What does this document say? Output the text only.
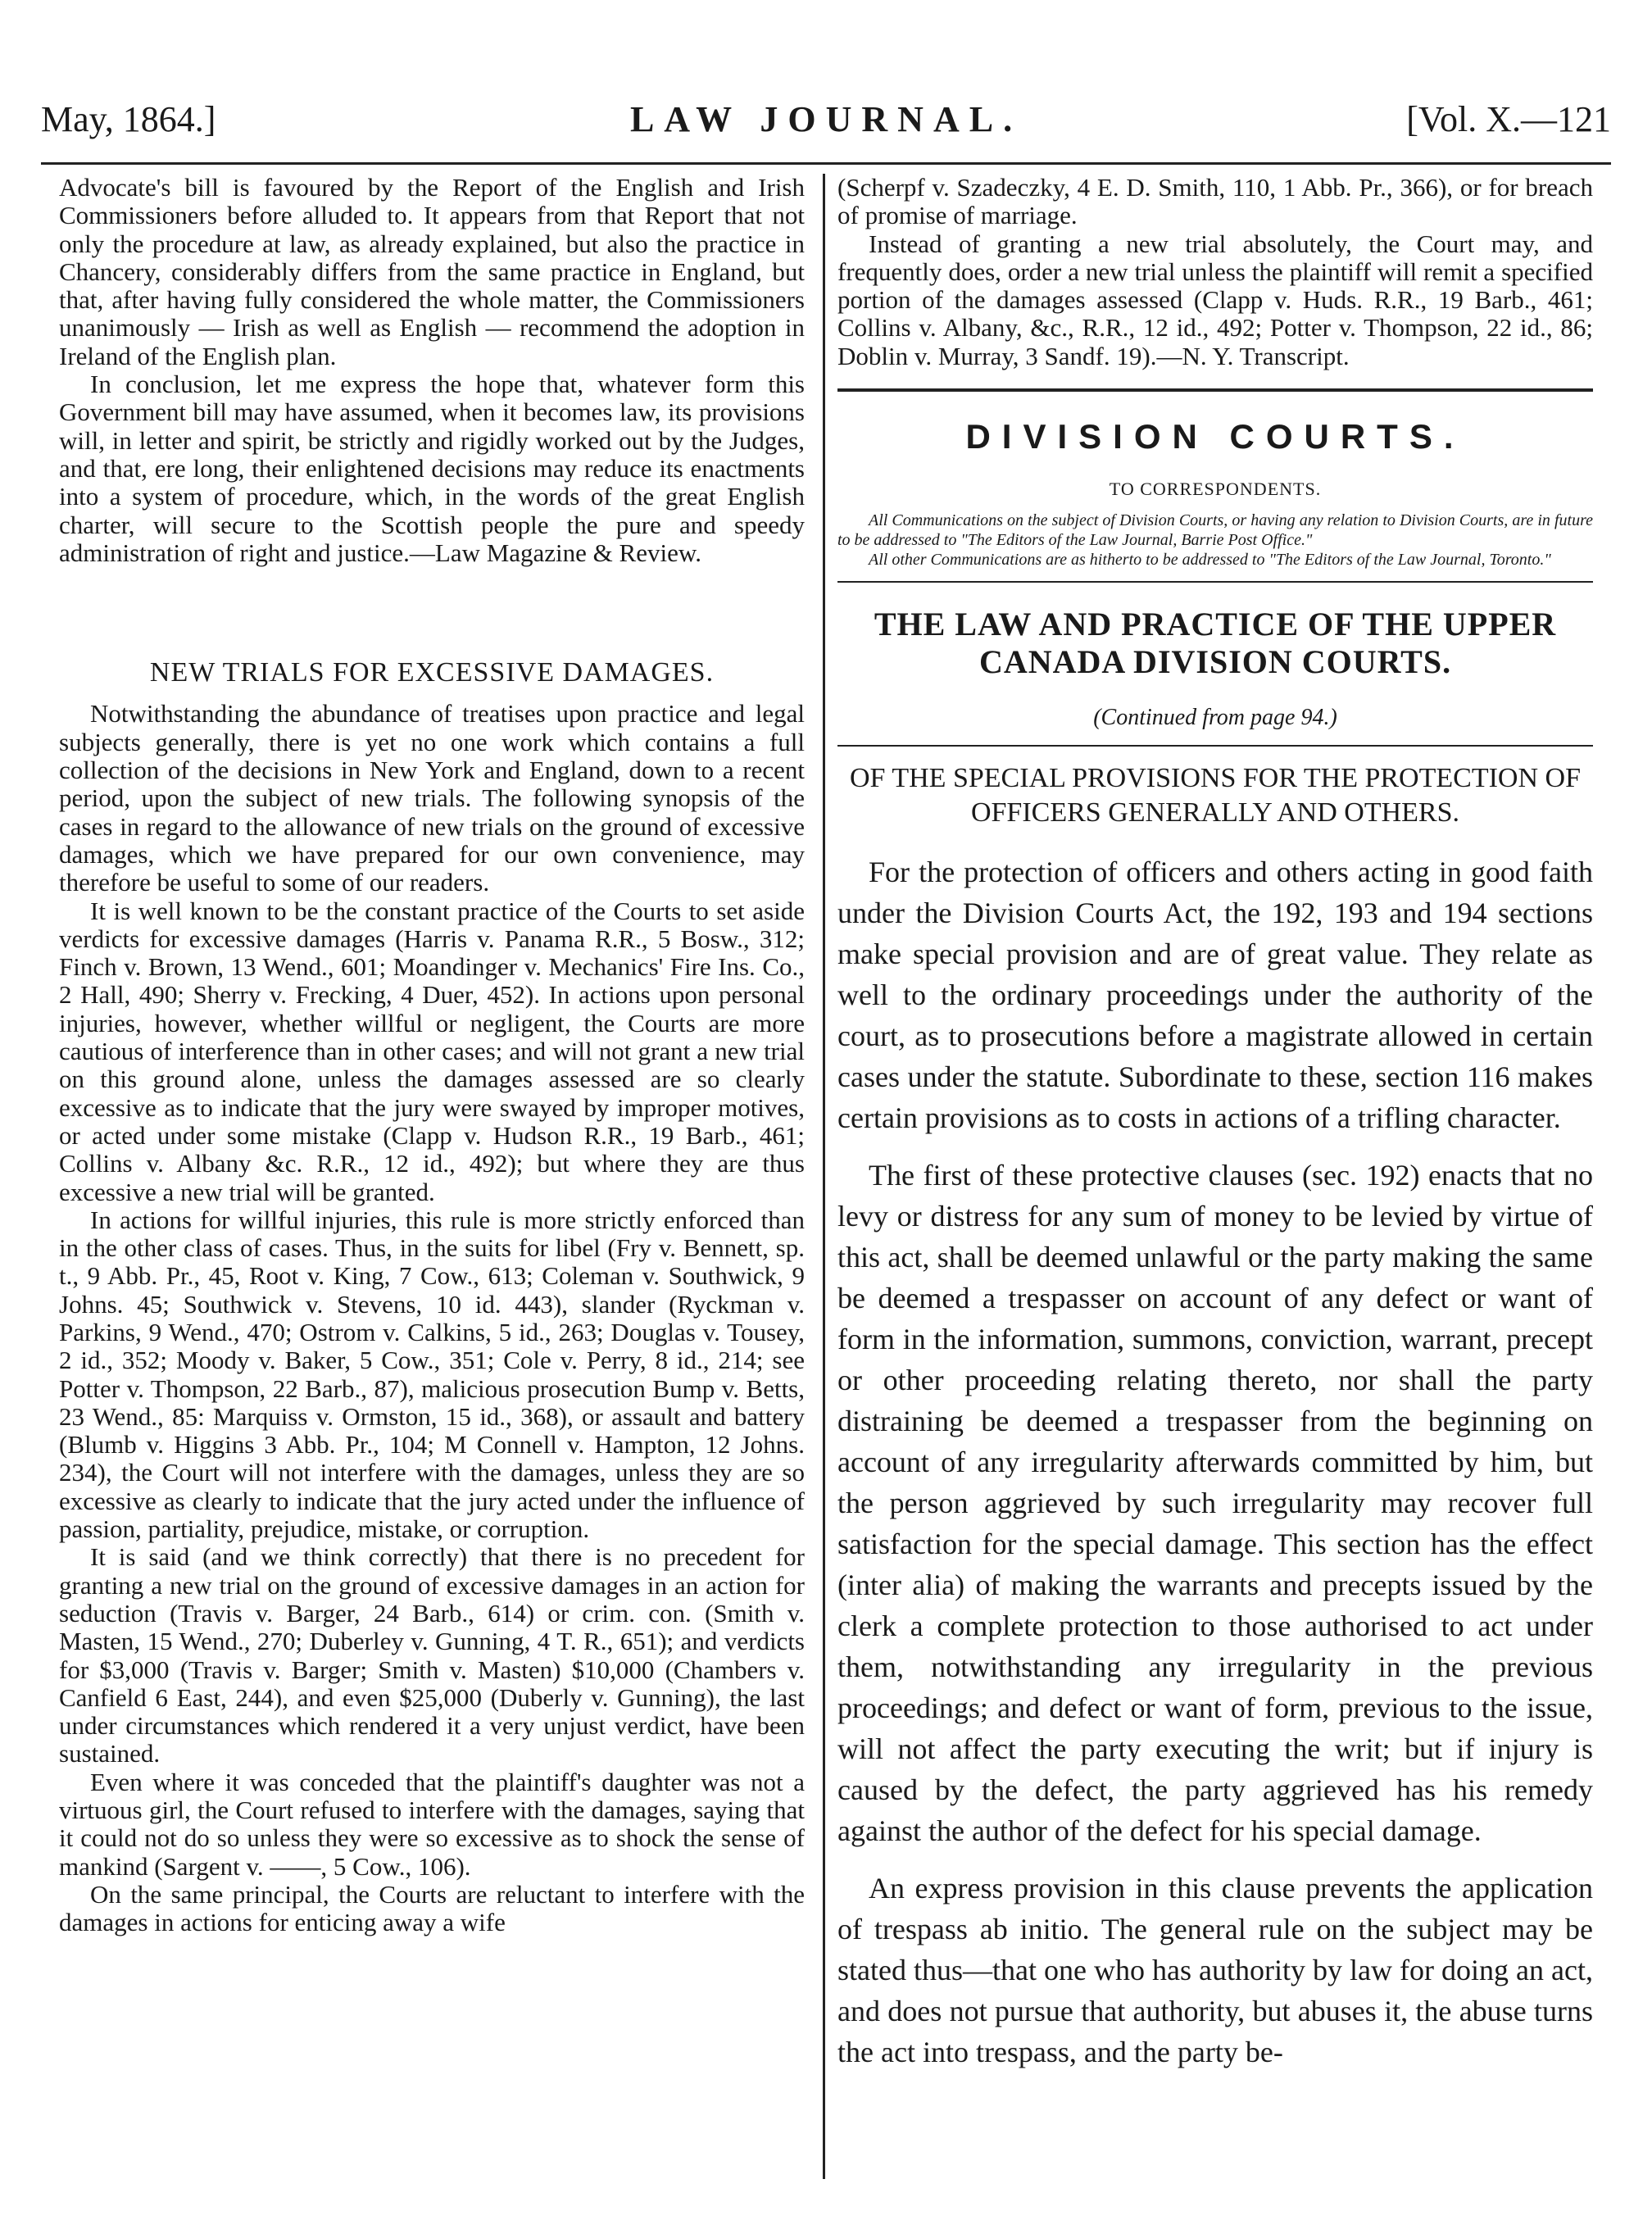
May, 1864.]	LAW JOURNAL.	[Vol. X.—121

Advocate's bill is favoured by the Report of the English and Irish Commissioners before alluded to. It appears from that Report that not only the procedure at law, as already explained, but also the practice in Chancery, considerably differs from the same practice in England, but that, after having fully considered the whole matter, the Commissioners unanimously — Irish as well as English — recommend the adoption in Ireland of the English plan.

In conclusion, let me express the hope that, whatever form this Government bill may have assumed, when it becomes law, its provisions will, in letter and spirit, be strictly and rigidly worked out by the Judges, and that, ere long, their enlightened decisions may reduce its enactments into a system of procedure, which, in the words of the great English charter, will secure to the Scottish people the pure and speedy administration of right and justice.—Law Magazine & Review.

NEW TRIALS FOR EXCESSIVE DAMAGES.

Notwithstanding the abundance of treatises upon practice and legal subjects generally, there is yet no one work which contains a full collection of the decisions in New York and England, down to a recent period, upon the subject of new trials. The following synopsis of the cases in regard to the allowance of new trials on the ground of excessive damages, which we have prepared for our own convenience, may therefore be useful to some of our readers.

It is well known to be the constant practice of the Courts to set aside verdicts for excessive damages (Harris v. Panama R.R., 5 Bosw., 312; Finch v. Brown, 13 Wend., 601; Moandinger v. Mechanics' Fire Ins. Co., 2 Hall, 490; Sherry v. Frecking, 4 Duer, 452). In actions upon personal injuries, however, whether willful or negligent, the Courts are more cautious of interference than in other cases; and will not grant a new trial on this ground alone, unless the damages assessed are so clearly excessive as to indicate that the jury were swayed by improper motives, or acted under some mistake (Clapp v. Hudson R.R., 19 Barb., 461; Collins v. Albany &c. R.R., 12 id., 492); but where they are thus excessive a new trial will be granted.

In actions for willful injuries, this rule is more strictly enforced than in the other class of cases. Thus, in the suits for libel (Fry v. Bennett, sp. t., 9 Abb. Pr., 45, Root v. King, 7 Cow., 613; Coleman v. Southwick, 9 Johns. 45; Southwick v. Stevens, 10 id. 443), slander (Ryckman v. Parkins, 9 Wend., 470; Ostrom v. Calkins, 5 id., 263; Douglas v. Tousey, 2 id., 352; Moody v. Baker, 5 Cow., 351; Cole v. Perry, 8 id., 214; see Potter v. Thompson, 22 Barb., 87), malicious prosecution Bump v. Betts, 23 Wend., 85: Marquiss v. Ormston, 15 id., 368), or assault and battery (Blumb v. Higgins 3 Abb. Pr., 104; M Connell v. Hampton, 12 Johns. 234), the Court will not interfere with the damages, unless they are so excessive as clearly to indicate that the jury acted under the influence of passion, partiality, prejudice, mistake, or corruption.

It is said (and we think correctly) that there is no precedent for granting a new trial on the ground of excessive damages in an action for seduction (Travis v. Barger, 24 Barb., 614) or crim. con. (Smith v. Masten, 15 Wend., 270; Duberley v. Gunning, 4 T. R., 651); and verdicts for $3,000 (Travis v. Barger; Smith v. Masten) $10,000 (Chambers v. Canfield 6 East, 244), and even $25,000 (Duberly v. Gunning), the last under circumstances which rendered it a very unjust verdict, have been sustained.

Even where it was conceded that the plaintiff's daughter was not a virtuous girl, the Court refused to interfere with the damages, saying that it could not do so unless they were so excessive as to shock the sense of mankind (Sargent v. ——, 5 Cow., 106).

On the same principal, the Courts are reluctant to interfere with the damages in actions for enticing away a wife

(Scherpf v. Szadeczky, 4 E. D. Smith, 110, 1 Abb. Pr., 366), or for breach of promise of marriage.

Instead of granting a new trial absolutely, the Court may, and frequently does, order a new trial unless the plaintiff will remit a specified portion of the damages assessed (Clapp v. Huds. R.R., 19 Barb., 461; Collins v. Albany, &c., R.R., 12 id., 492; Potter v. Thompson, 22 id., 86; Doblin v. Murray, 3 Sandf. 19).—N. Y. Transcript.

DIVISION COURTS.
TO CORRESPONDENTS.

All Communications on the subject of Division Courts, or having any relation to Division Courts, are in future to be addressed to "The Editors of the Law Journal, Barrie Post Office."

All other Communications are as hitherto to be addressed to "The Editors of the Law Journal, Toronto."

THE LAW AND PRACTICE OF THE UPPER CANADA DIVISION COURTS.
(Continued from page 94.)
OF THE SPECIAL PROVISIONS FOR THE PROTECTION OF OFFICERS GENERALLY AND OTHERS.

For the protection of officers and others acting in good faith under the Division Courts Act, the 192, 193 and 194 sections make special provision and are of great value. They relate as well to the ordinary proceedings under the authority of the court, as to prosecutions before a magistrate allowed in certain cases under the statute. Subordinate to these, section 116 makes certain provisions as to costs in actions of a trifling character.

The first of these protective clauses (sec. 192) enacts that no levy or distress for any sum of money to be levied by virtue of this act, shall be deemed unlawful or the party making the same be deemed a trespasser on account of any defect or want of form in the information, summons, conviction, warrant, precept or other proceeding relating thereto, nor shall the party distraining be deemed a trespasser from the beginning on account of any irregularity afterwards committed by him, but the person aggrieved by such irregularity may recover full satisfaction for the special damage. This section has the effect (inter alia) of making the warrants and precepts issued by the clerk a complete protection to those authorised to act under them, notwithstanding any irregularity in the previous proceedings; and defect or want of form, previous to the issue, will not affect the party executing the writ; but if injury is caused by the defect, the party aggrieved has his remedy against the author of the defect for his special damage.

An express provision in this clause prevents the application of trespass ab initio. The general rule on the subject may be stated thus—that one who has authority by law for doing an act, and does not pursue that authority, but abuses it, the abuse turns the act into trespass, and the party be-
